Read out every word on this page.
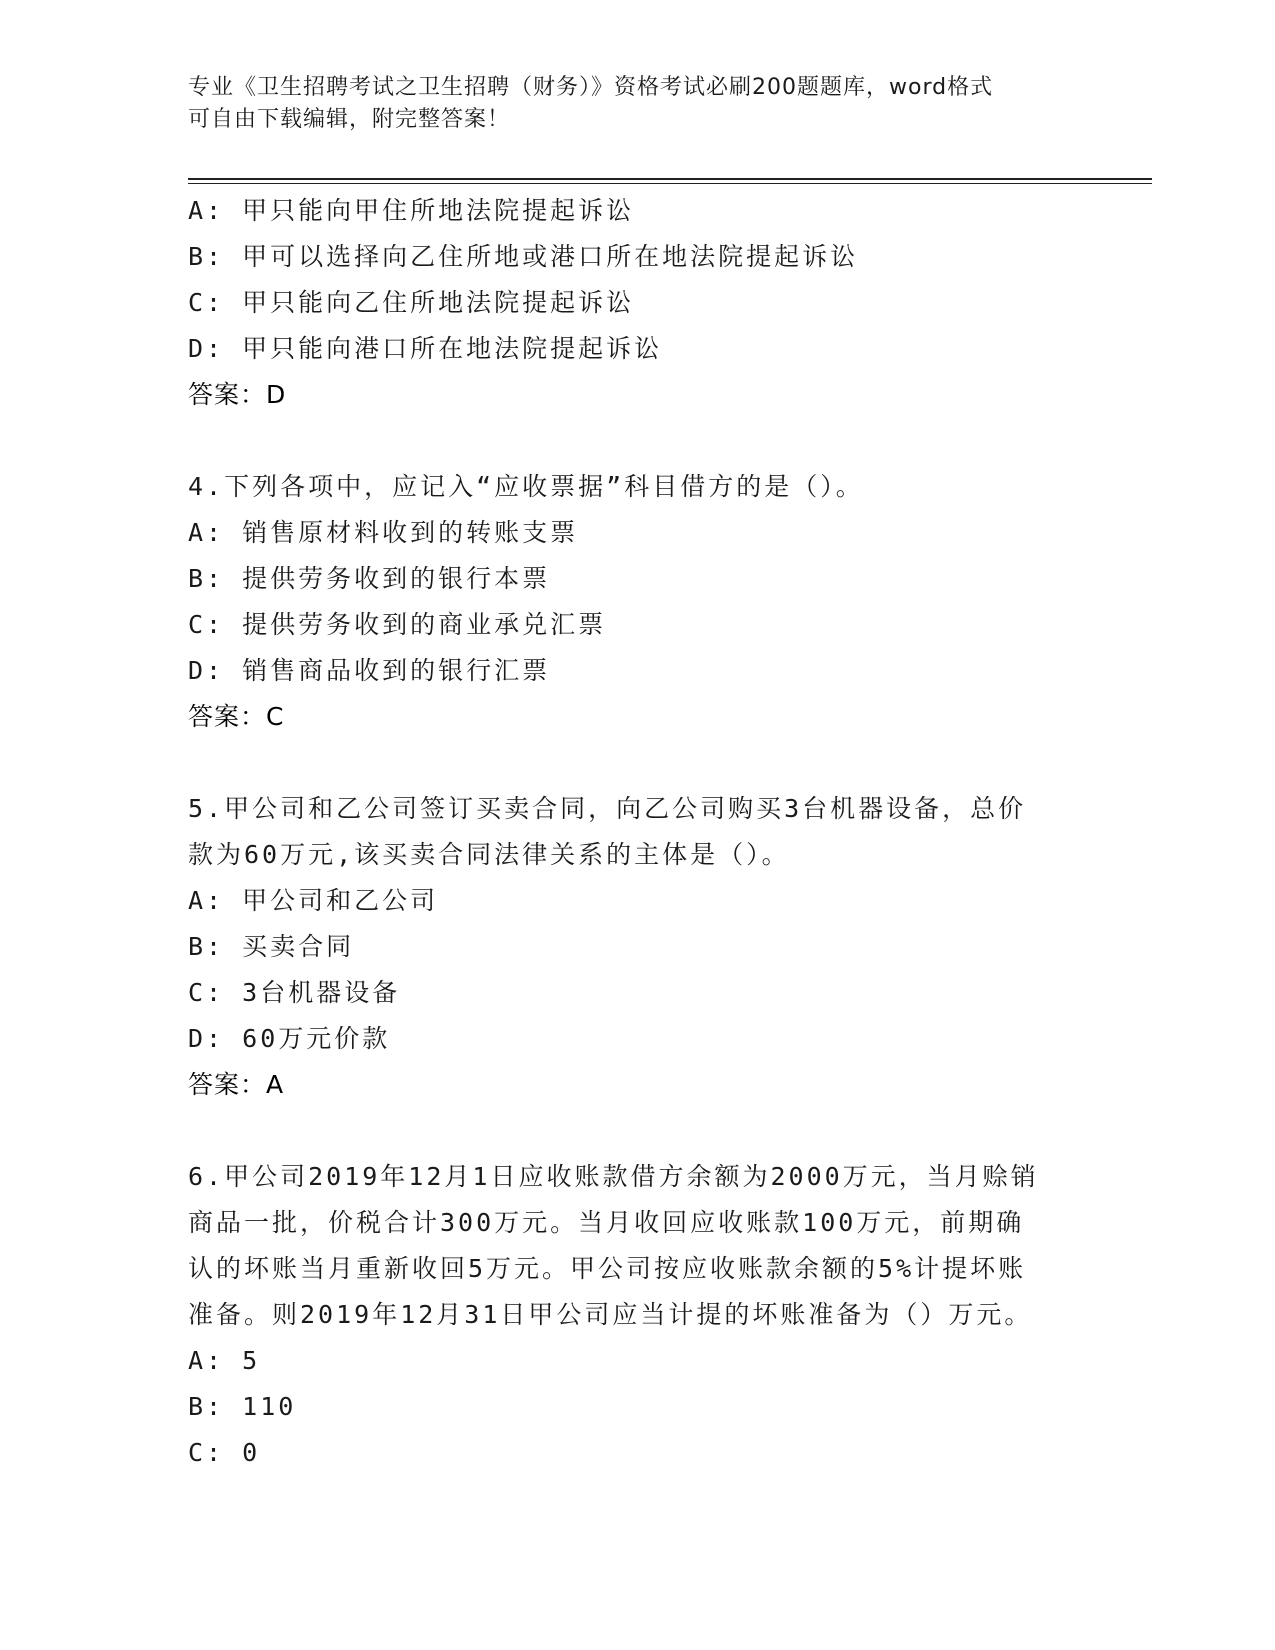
专业《卫生招聘考试之卫生招聘（财务）》资格考试必刷200题题库，word格式
可自由下载编辑，附完整答案！
A: 甲只能向甲住所地法院提起诉讼
B: 甲可以选择向乙住所地或港口所在地法院提起诉讼
C: 甲只能向乙住所地法院提起诉讼
D: 甲只能向港口所在地法院提起诉讼
答案：D
4.下列各项中，应记入“应收票据”科目借方的是（）。
A: 销售原材料收到的转账支票
B: 提供劳务收到的银行本票
C: 提供劳务收到的商业承兑汇票
D: 销售商品收到的银行汇票
答案：C
5.甲公司和乙公司签订买卖合同，向乙公司购买3台机器设备，总价
款为60万元,该买卖合同法律关系的主体是（）。
A: 甲公司和乙公司
B: 买卖合同
C: 3台机器设备
D: 60万元价款
答案：A
6.甲公司2019年12月1日应收账款借方余额为2000万元，当月赊销
商品一批，价税合计300万元。当月收回应收账款100万元，前期确
认的坏账当月重新收回5万元。甲公司按应收账款余额的5%计提坏账
准备。则2019年12月31日甲公司应当计提的坏账准备为（）万元。
A: 5
B: 110
C: 0
